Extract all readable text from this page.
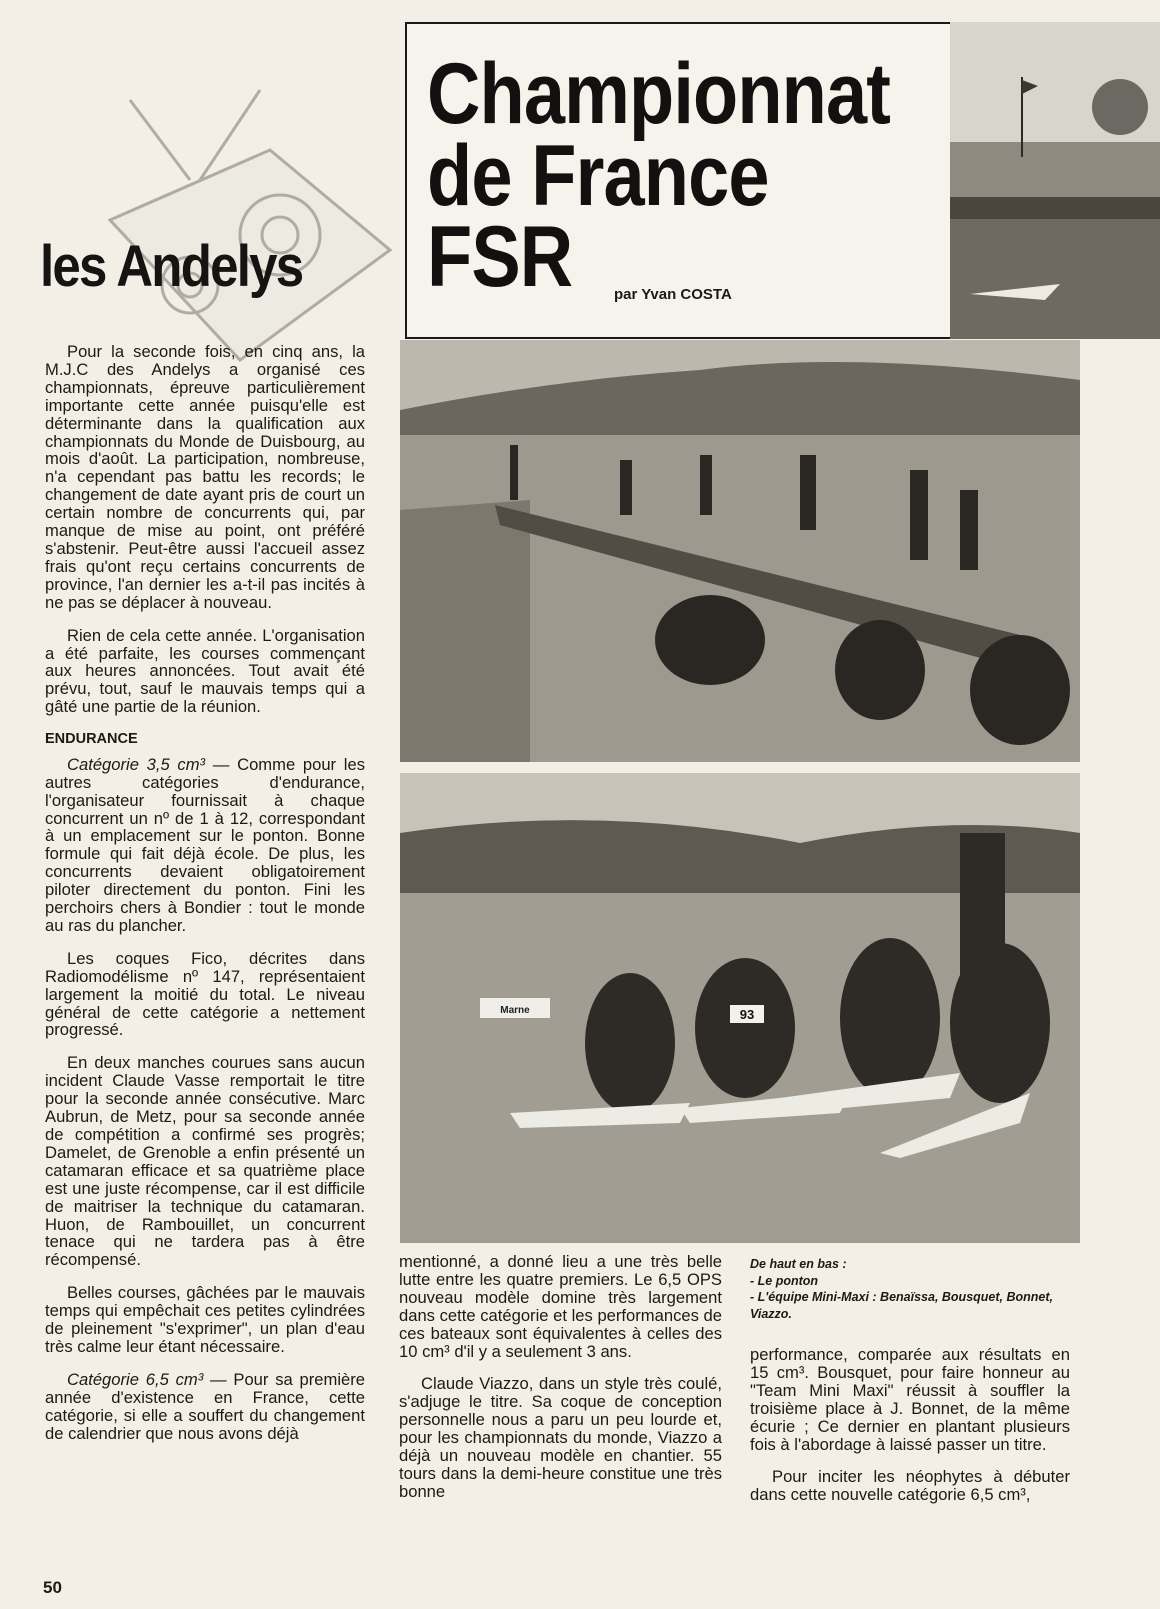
les Andelys
Championnat
de France
FSR	par Yvan COSTA
93
Marne

Pour la seconde fois, en cinq ans, la M.J.C des Andelys a organisé ces championnats, épreuve particulièrement importante cette année puisqu'elle est déterminante dans la qualification aux championnats du Monde de Duisbourg, au mois d'août. La participation, nombreuse, n'a cependant pas battu les records; le changement de date ayant pris de court un certain nombre de concurrents qui, par manque de mise au point, ont préféré s'abstenir. Peut-être aussi l'accueil assez frais qu'ont reçu certains concurrents de province, l'an dernier les a-t-il pas incités à ne pas se déplacer à nouveau.

Rien de cela cette année. L'organisation a été parfaite, les courses commençant aux heures annoncées. Tout avait été prévu, tout, sauf le mauvais temps qui a gâté une partie de la réunion.

ENDURANCE

Catégorie 3,5 cm³ — Comme pour les autres catégories d'endurance, l'organisateur fournissait à chaque concurrent un nº de 1 à 12, correspondant à un emplacement sur le ponton. Bonne formule qui fait déjà école. De plus, les concurrents devaient obligatoirement piloter directement du ponton. Fini les perchoirs chers à Bondier : tout le monde au ras du plancher.

Les coques Fico, décrites dans Radiomodélisme nº 147, représentaient largement la moitié du total. Le niveau général de cette catégorie a nettement progressé.

En deux manches courues sans aucun incident Claude Vasse remportait le titre pour la seconde année consécutive. Marc Aubrun, de Metz, pour sa seconde année de compétition a confirmé ses progrès; Damelet, de Grenoble a enfin présenté un catamaran efficace et sa quatrième place est une juste récompense, car il est difficile de maitriser la technique du catamaran. Huon, de Rambouillet, un concurrent tenace qui ne tardera pas à être récompensé.

Belles courses, gâchées par le mauvais temps qui empêchait ces petites cylindrées de pleinement "s'exprimer", un plan d'eau très calme leur étant nécessaire.

Catégorie 6,5 cm³ — Pour sa première année d'existence en France, cette catégorie, si elle a souffert du changement de calendrier que nous avons déjà

mentionné, a donné lieu a une très belle lutte entre les quatre premiers. Le 6,5 OPS nouveau modèle domine très largement dans cette catégorie et les performances de ces bateaux sont équivalentes à celles des 10 cm³ d'il y a seulement 3 ans.

Claude Viazzo, dans un style très coulé, s'adjuge le titre. Sa coque de conception personnelle nous a paru un peu lourde et, pour les championnats du monde, Viazzo a déjà un nouveau modèle en chantier. 55 tours dans la demi-heure constitue une très bonne

De haut en bas :
- Le ponton
- L'équipe Mini-Maxi : Benaïssa, Bousquet, Bonnet, Viazzo.

performance, comparée aux résultats en 15 cm³. Bousquet, pour faire honneur au "Team Mini Maxi" réussit à souffler la troisième place à J. Bonnet, de la même écurie ; Ce dernier en plantant plusieurs fois à l'abordage à laissé passer un titre.

Pour inciter les néophytes à débuter dans cette nouvelle catégorie 6,5 cm³,

50
